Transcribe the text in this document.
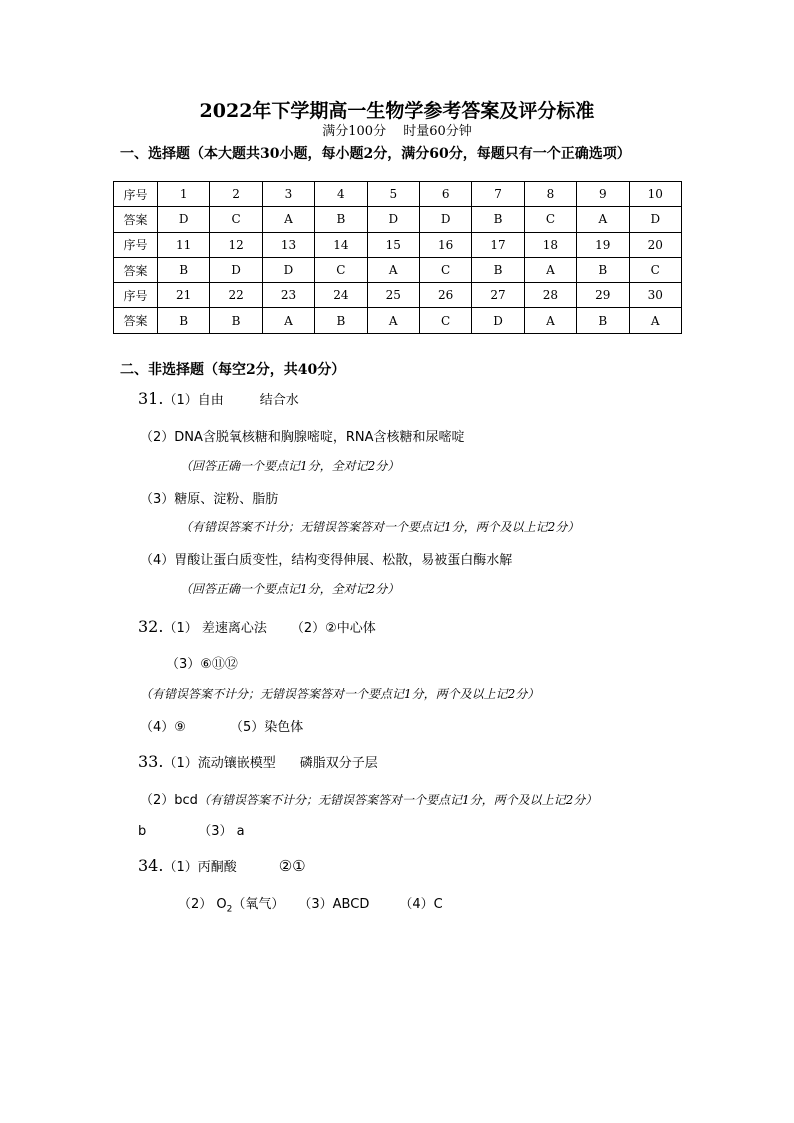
2022年下学期高一生物学参考答案及评分标准
满分100分　 时量60分钟
一、选择题（本大题共30小题，每小题2分，满分60分，每题只有一个正确选项）
序号	1	2	3	4	5	6	7	8	9	10
答案	D	C	A	B	D	D	B	C	A	D
序号	11	12	13	14	15	16	17	18	19	20
答案	B	D	D	C	A	C	B	A	B	C
序号	21	22	23	24	25	26	27	28	29	30
答案	B	B	A	B	A	C	D	A	B	A
二、非选择题（每空2分，共40分）
31.（1）自由	结合水
（2）DNA含脱氧核糖和胸腺嘧啶，RNA含核糖和尿嘧啶
（回答正确一个要点记1分，全对记2分）
（3）糖原、淀粉、脂肪
（有错误答案不计分；无错误答案答对一个要点记1分，两个及以上记2分）
（4）胃酸让蛋白质变性，结构变得伸展、松散，易被蛋白酶水解
（回答正确一个要点记1分，全对记2分）
32.（1） 差速离心法 （2）②中心体
（3）⑥⑪⑫
（有错误答案不计分；无错误答案答对一个要点记1分，两个及以上记2分）
（4）⑨	（5）染色体
33.（1）流动镶嵌模型 磷脂双分子层
（2）bcd（有错误答案不计分；无错误答案答对一个要点记1分，两个及以上记2分）
b	（3） a
34.（1）丙酮酸	②①
（2） $O_2$（氧气） （3）ABCD （4）C
